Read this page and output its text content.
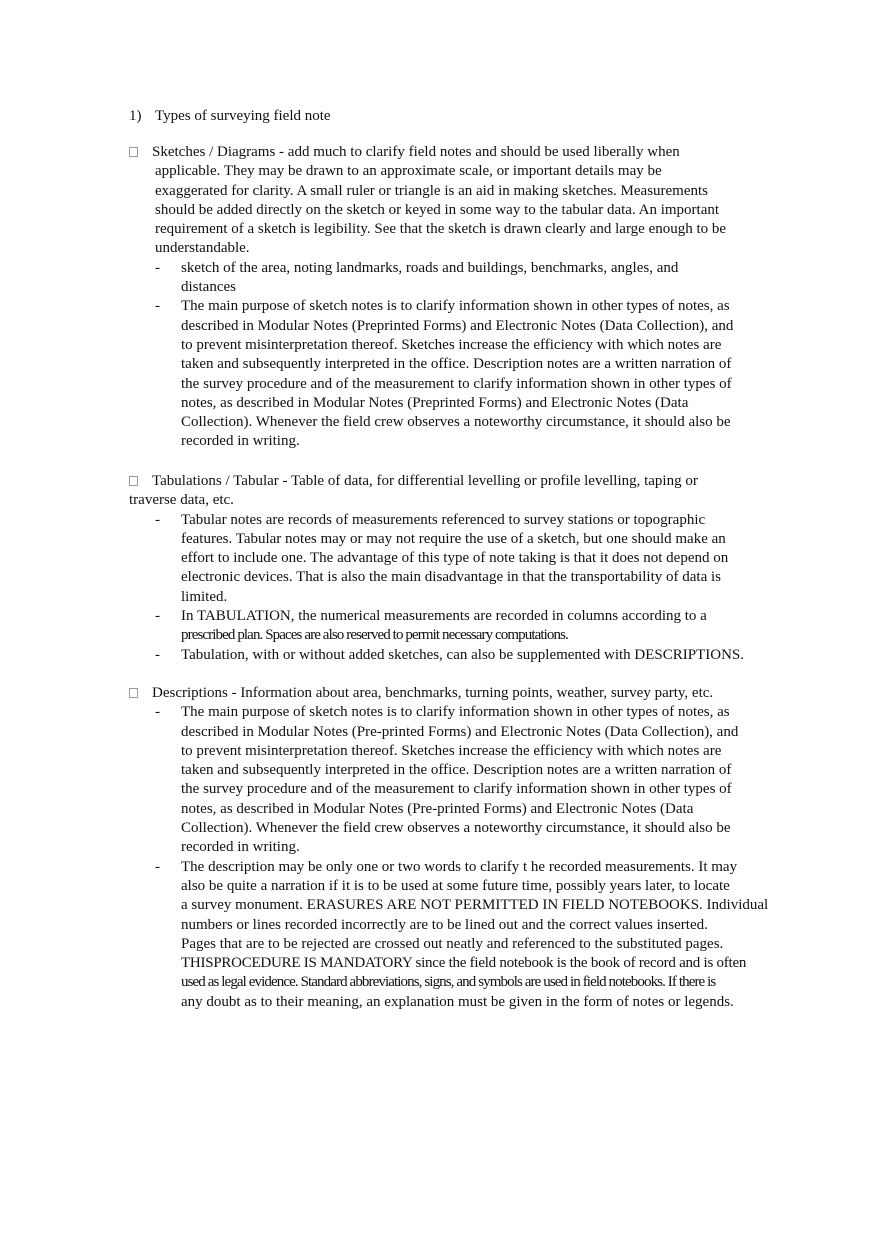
1) Types of surveying field note
Sketches / Diagrams - add much to clarify field notes and should be used liberally when
applicable. They may be drawn to an approximate scale, or important details may be
exaggerated for clarity. A small ruler or triangle is an aid in making sketches. Measurements
should be added directly on the sketch or keyed in some way to the tabular data. An important
requirement of a sketch is legibility. See that the sketch is drawn clearly and large enough to be
understandable.
-	sketch of the area, noting landmarks, roads and buildings, benchmarks, angles, and
distances
-	The main purpose of sketch notes is to clarify information shown in other types of notes, as
described in Modular Notes (Preprinted Forms) and Electronic Notes (Data Collection), and
to prevent misinterpretation thereof. Sketches increase the efficiency with which notes are
taken and subsequently interpreted in the office. Description notes are a written narration of
the survey procedure and of the measurement to clarify information shown in other types of
notes, as described in Modular Notes (Preprinted Forms) and Electronic Notes (Data
Collection). Whenever the field crew observes a noteworthy circumstance, it should also be
recorded in writing.
Tabulations / Tabular - Table of data, for differential levelling or profile levelling, taping or
traverse data, etc.
-	Tabular notes are records of measurements referenced to survey stations or topographic
features. Tabular notes may or may not require the use of a sketch, but one should make an
effort to include one. The advantage of this type of note taking is that it does not depend on
electronic devices. That is also the main disadvantage in that the transportability of data is
limited.
-	In TABULATION, the numerical measurements are recorded in columns according to a
prescribed plan. Spaces are also reserved to permit necessary computations.
-	Tabulation, with or without added sketches, can also be supplemented with DESCRIPTIONS.
Descriptions - Information about area, benchmarks, turning points, weather, survey party, etc.
-	The main purpose of sketch notes is to clarify information shown in other types of notes, as
described in Modular Notes (Pre-printed Forms) and Electronic Notes (Data Collection), and
to prevent misinterpretation thereof. Sketches increase the efficiency with which notes are
taken and subsequently interpreted in the office. Description notes are a written narration of
the survey procedure and of the measurement to clarify information shown in other types of
notes, as described in Modular Notes (Pre-printed Forms) and Electronic Notes (Data
Collection). Whenever the field crew observes a noteworthy circumstance, it should also be
recorded in writing.
-	The description may be only one or two words to clarify t he recorded measurements. It may
also be quite a narration if it is to be used at some future time, possibly years later, to locate
a survey monument. ERASURES ARE NOT PERMITTED IN FIELD NOTEBOOKS. Individual
numbers or lines recorded incorrectly are to be lined out and the correct values inserted.
Pages that are to be rejected are crossed out neatly and referenced to the substituted pages.
THISPROCEDURE IS MANDATORY since the field notebook is the book of record and is often
used as legal evidence. Standard abbreviations, signs, and symbols are used in field notebooks. If there is
any doubt as to their meaning, an explanation must be given in the form of notes or legends.
